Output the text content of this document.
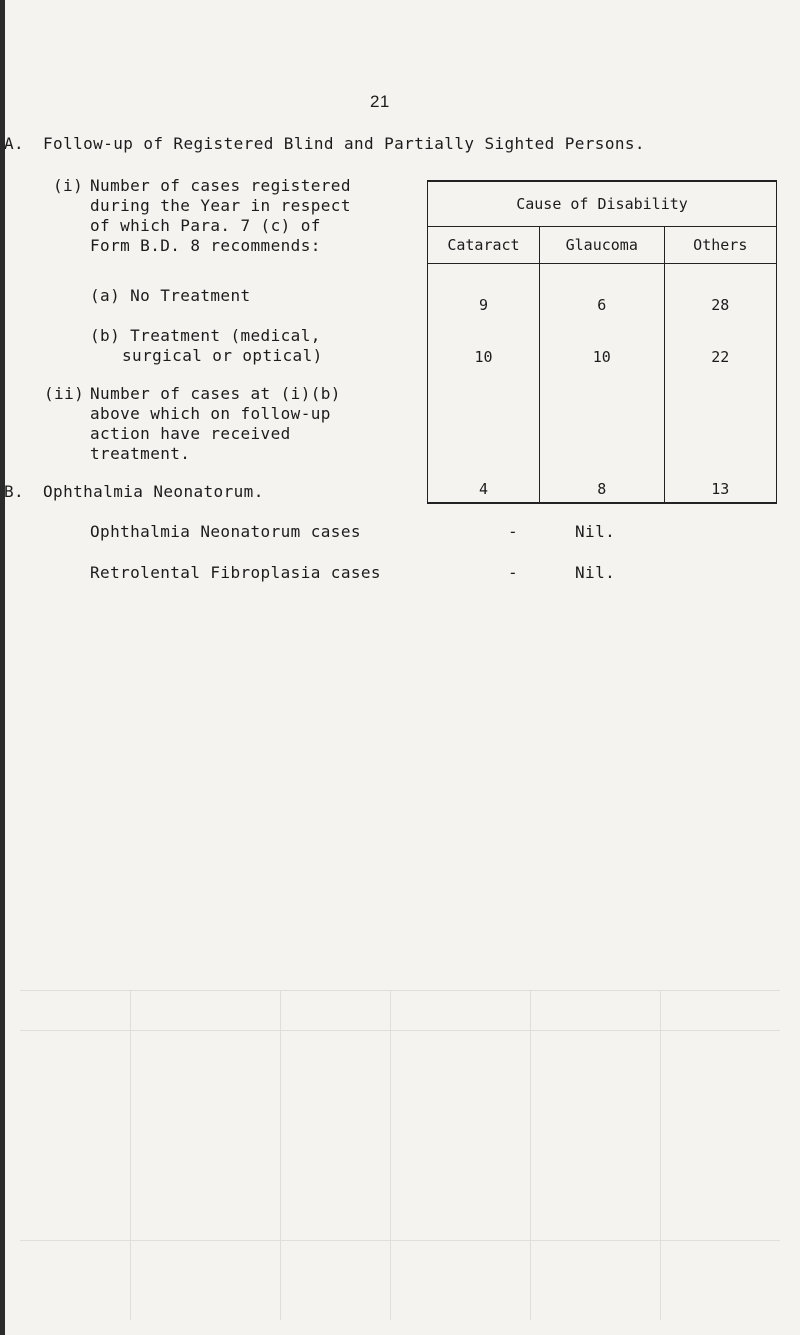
21
A. Follow-up of Registered Blind and Partially Sighted Persons.
(i) Number of cases registered
during the Year in respect
of which Para. 7 (c) of
Form B.D. 8 recommends:
(a) No Treatment
(b) Treatment (medical,
surgical or optical)
(ii) Number of cases at (i)(b)
above which on follow-up
action have received
treatment.
Cause of Disability		
Cataract	Glaucoma	Others
9	6	28
10	10	22
4	8	13
B. Ophthalmia Neonatorum.
Ophthalmia Neonatorum cases	-	Nil.
Retrolental Fibroplasia cases	-	Nil.
